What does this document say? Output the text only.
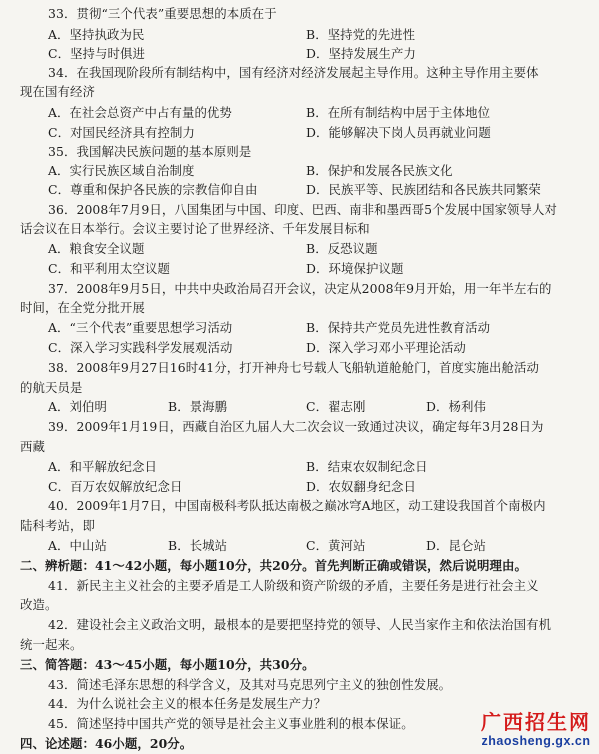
33．贯彻“三个代表”重要思想的本质在于
A．坚持执政为民	B．坚持党的先进性
C．坚持与时俱进	D．坚持发展生产力
34．在我国现阶段所有制结构中，国有经济对经济发展起主导作用。这种主导作用主要体
现在国有经济
A．在社会总资产中占有量的优势	B．在所有制结构中居于主体地位
C．对国民经济具有控制力	D．能够解决下岗人员再就业问题
35．我国解决民族问题的基本原则是
A．实行民族区域自治制度	B．保护和发展各民族文化
C．尊重和保护各民族的宗教信仰自由	D．民族平等、民族团结和各民族共同繁荣
36．2008年7月9日，八国集团与中国、印度、巴西、南非和墨西哥5个发展中国家领导人对
话会议在日本举行。会议主要讨论了世界经济、千年发展目标和
A．粮食安全议题	B．反恐议题
C．和平利用太空议题	D．环境保护议题
37．2008年9月5日，中共中央政治局召开会议，决定从2008年9月开始，用一年半左右的
时间，在全党分批开展
A．“三个代表”重要思想学习活动	B．保持共产党员先进性教育活动
C．深入学习实践科学发展观活动	D．深入学习邓小平理论活动
38．2008年9月27日16时41分，打开神舟七号载人飞船轨道舱舱门，首度实施出舱活动
的航天员是
A．刘伯明	B．景海鹏	C．翟志刚	D．杨利伟
39．2009年1月19日，西藏自治区九届人大二次会议一致通过决议，确定每年3月28日为
西藏
A．和平解放纪念日	B．结束农奴制纪念日
C．百万农奴解放纪念日	D．农奴翻身纪念日
40．2009年1月7日，中国南极科考队抵达南极之巅冰穹A地区，动工建设我国首个南极内
陆科考站，即
A．中山站	B．长城站	C．黄河站	D．昆仑站
二、辨析题：41～42小题，每小题10分，共20分。首先判断正确或错误，然后说明理由。
41．新民主主义社会的主要矛盾是工人阶级和资产阶级的矛盾，主要任务是进行社会主义
改造。
42．建设社会主义政治文明，最根本的是要把坚持党的领导、人民当家作主和依法治国有机
统一起来。
三、简答题：43～45小题，每小题10分，共30分。
43．简述毛泽东思想的科学含义，及其对马克思列宁主义的独创性发展。
44．为什么说社会主义的根本任务是发展生产力？
45．简述坚持中国共产党的领导是社会主义事业胜利的根本保证。
四、论述题：46小题，20分。
广西招生网
zhaosheng.gx.cn
